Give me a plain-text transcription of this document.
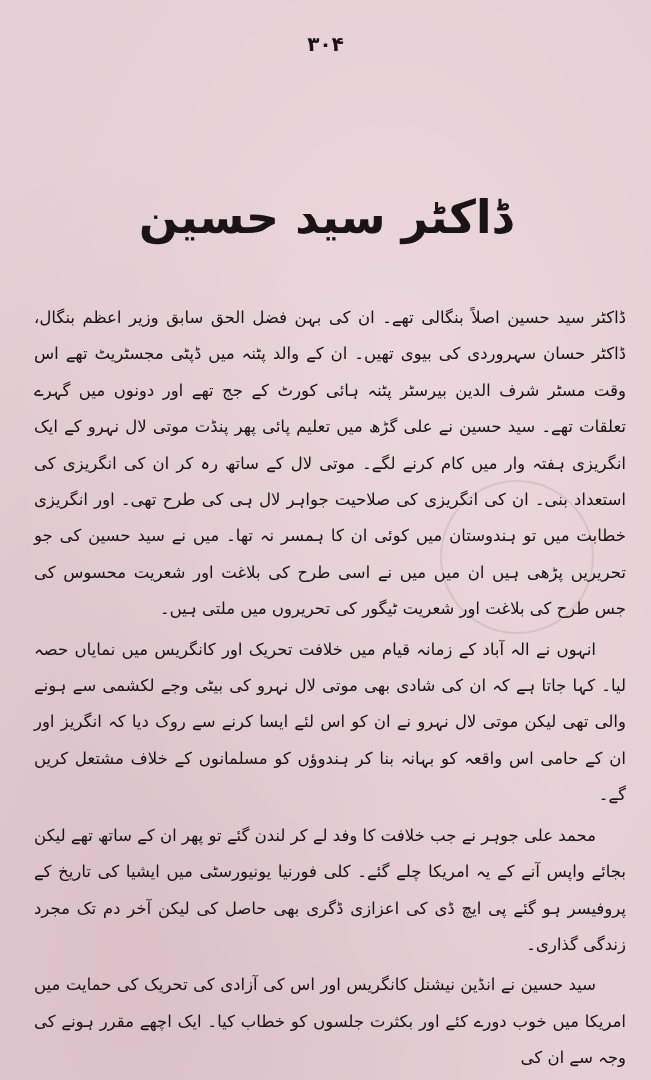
۳۰۴
ڈاکٹر سید حسین

ڈاکٹر سید حسین اصلاً بنگالی تھے۔ ان کی بہن فضل الحق سابق وزیر اعظم بنگال، ڈاکٹر حسان سہروردی کی بیوی تھیں۔ ان کے والد پٹنہ میں ڈپٹی مجسٹریٹ تھے اس وقت مسٹر شرف الدین بیرسٹر پٹنہ ہائی کورٹ کے جج تھے اور دونوں میں گہرے تعلقات تھے۔ سید حسین نے علی گڑھ میں تعلیم پائی پھر پنڈت موتی لال نہرو کے ایک انگریزی ہفتہ وار میں کام کرنے لگے۔ موتی لال کے ساتھ رہ کر ان کی انگریزی کی استعداد بنی۔ ان کی انگریزی کی صلاحیت جواہر لال ہی کی طرح تھی۔ اور انگریزی خطابت میں تو ہندوستان میں کوئی ان کا ہمسر نہ تھا۔ میں نے سید حسین کی جو تحریریں پڑھی ہیں ان میں میں نے اسی طرح کی بلاغت اور شعریت محسوس کی جس طرح کی بلاغت اور شعریت ٹیگور کی تحریروں میں ملتی ہیں۔

انہوں نے الہ آباد کے زمانہ قیام میں خلافت تحریک اور کانگریس میں نمایاں حصہ لیا۔ کہا جاتا ہے کہ ان کی شادی بھی موتی لال نہرو کی بیٹی وجے لکشمی سے ہونے والی تھی لیکن موتی لال نہرو نے ان کو اس لئے ایسا کرنے سے روک دیا کہ انگریز اور ان کے حامی اس واقعہ کو بہانہ بنا کر ہندوؤں کو مسلمانوں کے خلاف مشتعل کریں گے۔

محمد علی جوہر نے جب خلافت کا وفد لے کر لندن گئے تو پھر ان کے ساتھ تھے لیکن بجائے واپس آنے کے یہ امریکا چلے گئے۔ کلی فورنیا یونیورسٹی میں ایشیا کی تاریخ کے پروفیسر ہو گئے پی ایچ ڈی کی اعزازی ڈگری بھی حاصل کی لیکن آخر دم تک مجرد زندگی گذاری۔

سید حسین نے انڈین نیشنل کانگریس اور اس کی آزادی کی تحریک کی حمایت میں امریکا میں خوب دورے کئے اور بکثرت جلسوں کو خطاب کیا۔ ایک اچھے مقرر ہونے کی وجہ سے ان کی
